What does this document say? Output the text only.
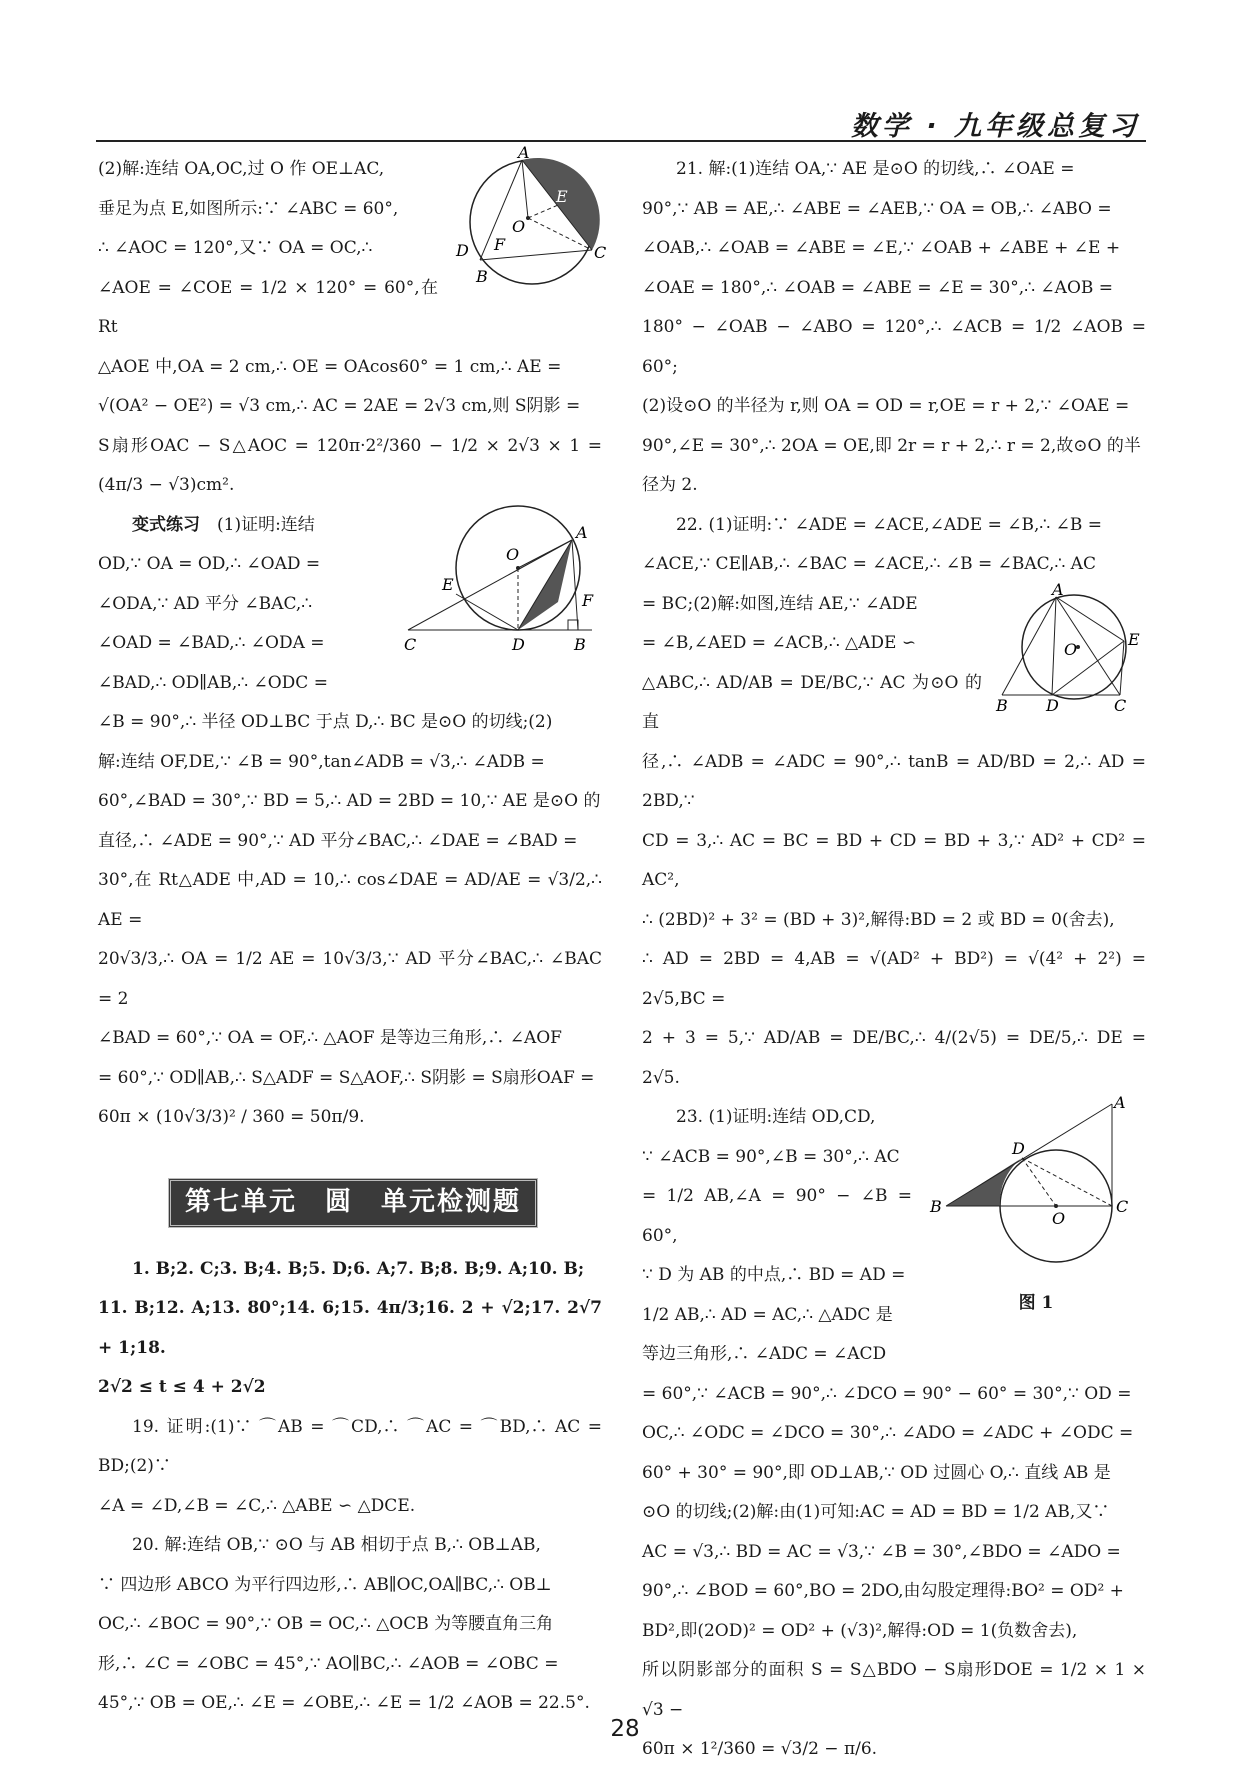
数学 · 九年级总复习
A
E
O
F
D
B
C

(2)解:连结 OA,OC,过 O 作 OE⊥AC,

垂足为点 E,如图所示:∵ ∠ABC = 60°,

∴ ∠AOC = 120°,又∵ OA = OC,∴

∠AOE = ∠COE = 1/2 × 120° = 60°,在 Rt

△AOE 中,OA = 2 cm,∴ OE = OAcos60° = 1 cm,∴ AE =

√(OA² − OE²) = √3 cm,∴ AC = 2AE = 2√3 cm,则 S阴影 =

S扇形OAC − S△AOC = 120π·2²/360 − 1/2 × 2√3 × 1 = (4π/3 − √3)cm².

A
O
E
F
C	D	B

变式练习　 (1)证明:连结

OD,∵ OA = OD,∴ ∠OAD =

∠ODA,∵ AD 平分 ∠BAC,∴

∠OAD = ∠BAD,∴ ∠ODA =

∠BAD,∴ OD∥AB,∴ ∠ODC =

∠B = 90°,∴ 半径 OD⊥BC 于点 D,∴ BC 是⊙O 的切线;(2)

解:连结 OF,DE,∵ ∠B = 90°,tan∠ADB = √3,∴ ∠ADB =

60°,∠BAD = 30°,∵ BD = 5,∴ AD = 2BD = 10,∵ AE 是⊙O 的

直径,∴ ∠ADE = 90°,∵ AD 平分∠BAC,∴ ∠DAE = ∠BAD =

30°,在 Rt△ADE 中,AD = 10,∴ cos∠DAE = AD/AE = √3/2,∴ AE =

20√3/3,∴ OA = 1/2 AE = 10√3/3,∵ AD 平分∠BAC,∴ ∠BAC = 2

∠BAD = 60°,∵ OA = OF,∴ △AOF 是等边三角形,∴ ∠AOF

= 60°,∵ OD∥AB,∴ S△ADF = S△AOF,∴ S阴影 = S扇形OAF =

60π × (10√3/3)² / 360 = 50π/9.

第七单元　圆　单元检测题

1. B;2. C;3. B;4. B;5. D;6. A;7. B;8. B;9. A;10. B;

11. B;12. A;13. 80°;14. 6;15. 4π/3;16. 2 + √2;17. 2√7 + 1;18.

2√2 ≤ t ≤ 4 + 2√2

19. 证明:(1)∵ ⌒AB = ⌒CD,∴ ⌒AC = ⌒BD,∴ AC = BD;(2)∵

∠A = ∠D,∠B = ∠C,∴ △ABE ∽ △DCE.

20. 解:连结 OB,∵ ⊙O 与 AB 相切于点 B,∴ OB⊥AB,

∵ 四边形 ABCO 为平行四边形,∴ AB∥OC,OA∥BC,∴ OB⊥

OC,∴ ∠BOC = 90°,∵ OB = OC,∴ △OCB 为等腰直角三角

形,∴ ∠C = ∠OBC = 45°,∵ AO∥BC,∴ ∠AOB = ∠OBC =

45°,∵ OB = OE,∴ ∠E = ∠OBE,∴ ∠E = 1/2 ∠AOB = 22.5°.

21. 解:(1)连结 OA,∵ AE 是⊙O 的切线,∴ ∠OAE =

90°,∵ AB = AE,∴ ∠ABE = ∠AEB,∵ OA = OB,∴ ∠ABO =

∠OAB,∴ ∠OAB = ∠ABE = ∠E,∵ ∠OAB + ∠ABE + ∠E +

∠OAE = 180°,∴ ∠OAB = ∠ABE = ∠E = 30°,∴ ∠AOB =

180° − ∠OAB − ∠ABO = 120°,∴ ∠ACB = 1/2 ∠AOB = 60°;

(2)设⊙O 的半径为 r,则 OA = OD = r,OE = r + 2,∵ ∠OAE =

90°,∠E = 30°,∴ 2OA = OE,即 2r = r + 2,∴ r = 2,故⊙O 的半

径为 2.

22. (1)证明:∵ ∠ADE = ∠ACE,∠ADE = ∠B,∴ ∠B =

∠ACE,∵ CE∥AB,∴ ∠BAC = ∠ACE,∴ ∠B = ∠BAC,∴ AC

A
O
E
B D	C

= BC;(2)解:如图,连结 AE,∵ ∠ADE

= ∠B,∠AED = ∠ACB,∴ △ADE ∽

△ABC,∴ AD/AB = DE/BC,∵ AC 为⊙O 的直

径,∴ ∠ADB = ∠ADC = 90°,∴ tanB = AD/BD = 2,∴ AD = 2BD,∵

CD = 3,∴ AC = BC = BD + CD = BD + 3,∵ AD² + CD² = AC²,

∴ (2BD)² + 3² = (BD + 3)²,解得:BD = 2 或 BD = 0(舍去),

∴ AD = 2BD = 4,AB = √(AD² + BD²) = √(4² + 2²) = 2√5,BC =

2 + 3 = 5,∵ AD/AB = DE/BC,∴ 4/(2√5) = DE/5,∴ DE = 2√5.

A
D
B
O
C
图 1

23. (1)证明:连结 OD,CD,

∵ ∠ACB = 90°,∠B = 30°,∴ AC

= 1/2 AB,∠A = 90° − ∠B = 60°,

∵ D 为 AB 的中点,∴ BD = AD =

1/2 AB,∴ AD = AC,∴ △ADC 是

等边三角形,∴ ∠ADC = ∠ACD

= 60°,∵ ∠ACB = 90°,∴ ∠DCO = 90° − 60° = 30°,∵ OD =

OC,∴ ∠ODC = ∠DCO = 30°,∴ ∠ADO = ∠ADC + ∠ODC =

60° + 30° = 90°,即 OD⊥AB,∵ OD 过圆心 O,∴ 直线 AB 是

⊙O 的切线;(2)解:由(1)可知:AC = AD = BD = 1/2 AB,又∵

AC = √3,∴ BD = AC = √3,∵ ∠B = 30°,∠BDO = ∠ADO =

90°,∴ ∠BOD = 60°,BO = 2DO,由勾股定理得:BO² = OD² +

BD²,即(2OD)² = OD² + (√3)²,解得:OD = 1(负数舍去),

所以阴影部分的面积 S = S△BDO − S扇形DOE = 1/2 × 1 × √3 −

60π × 1²/360 = √3/2 − π/6.

28
